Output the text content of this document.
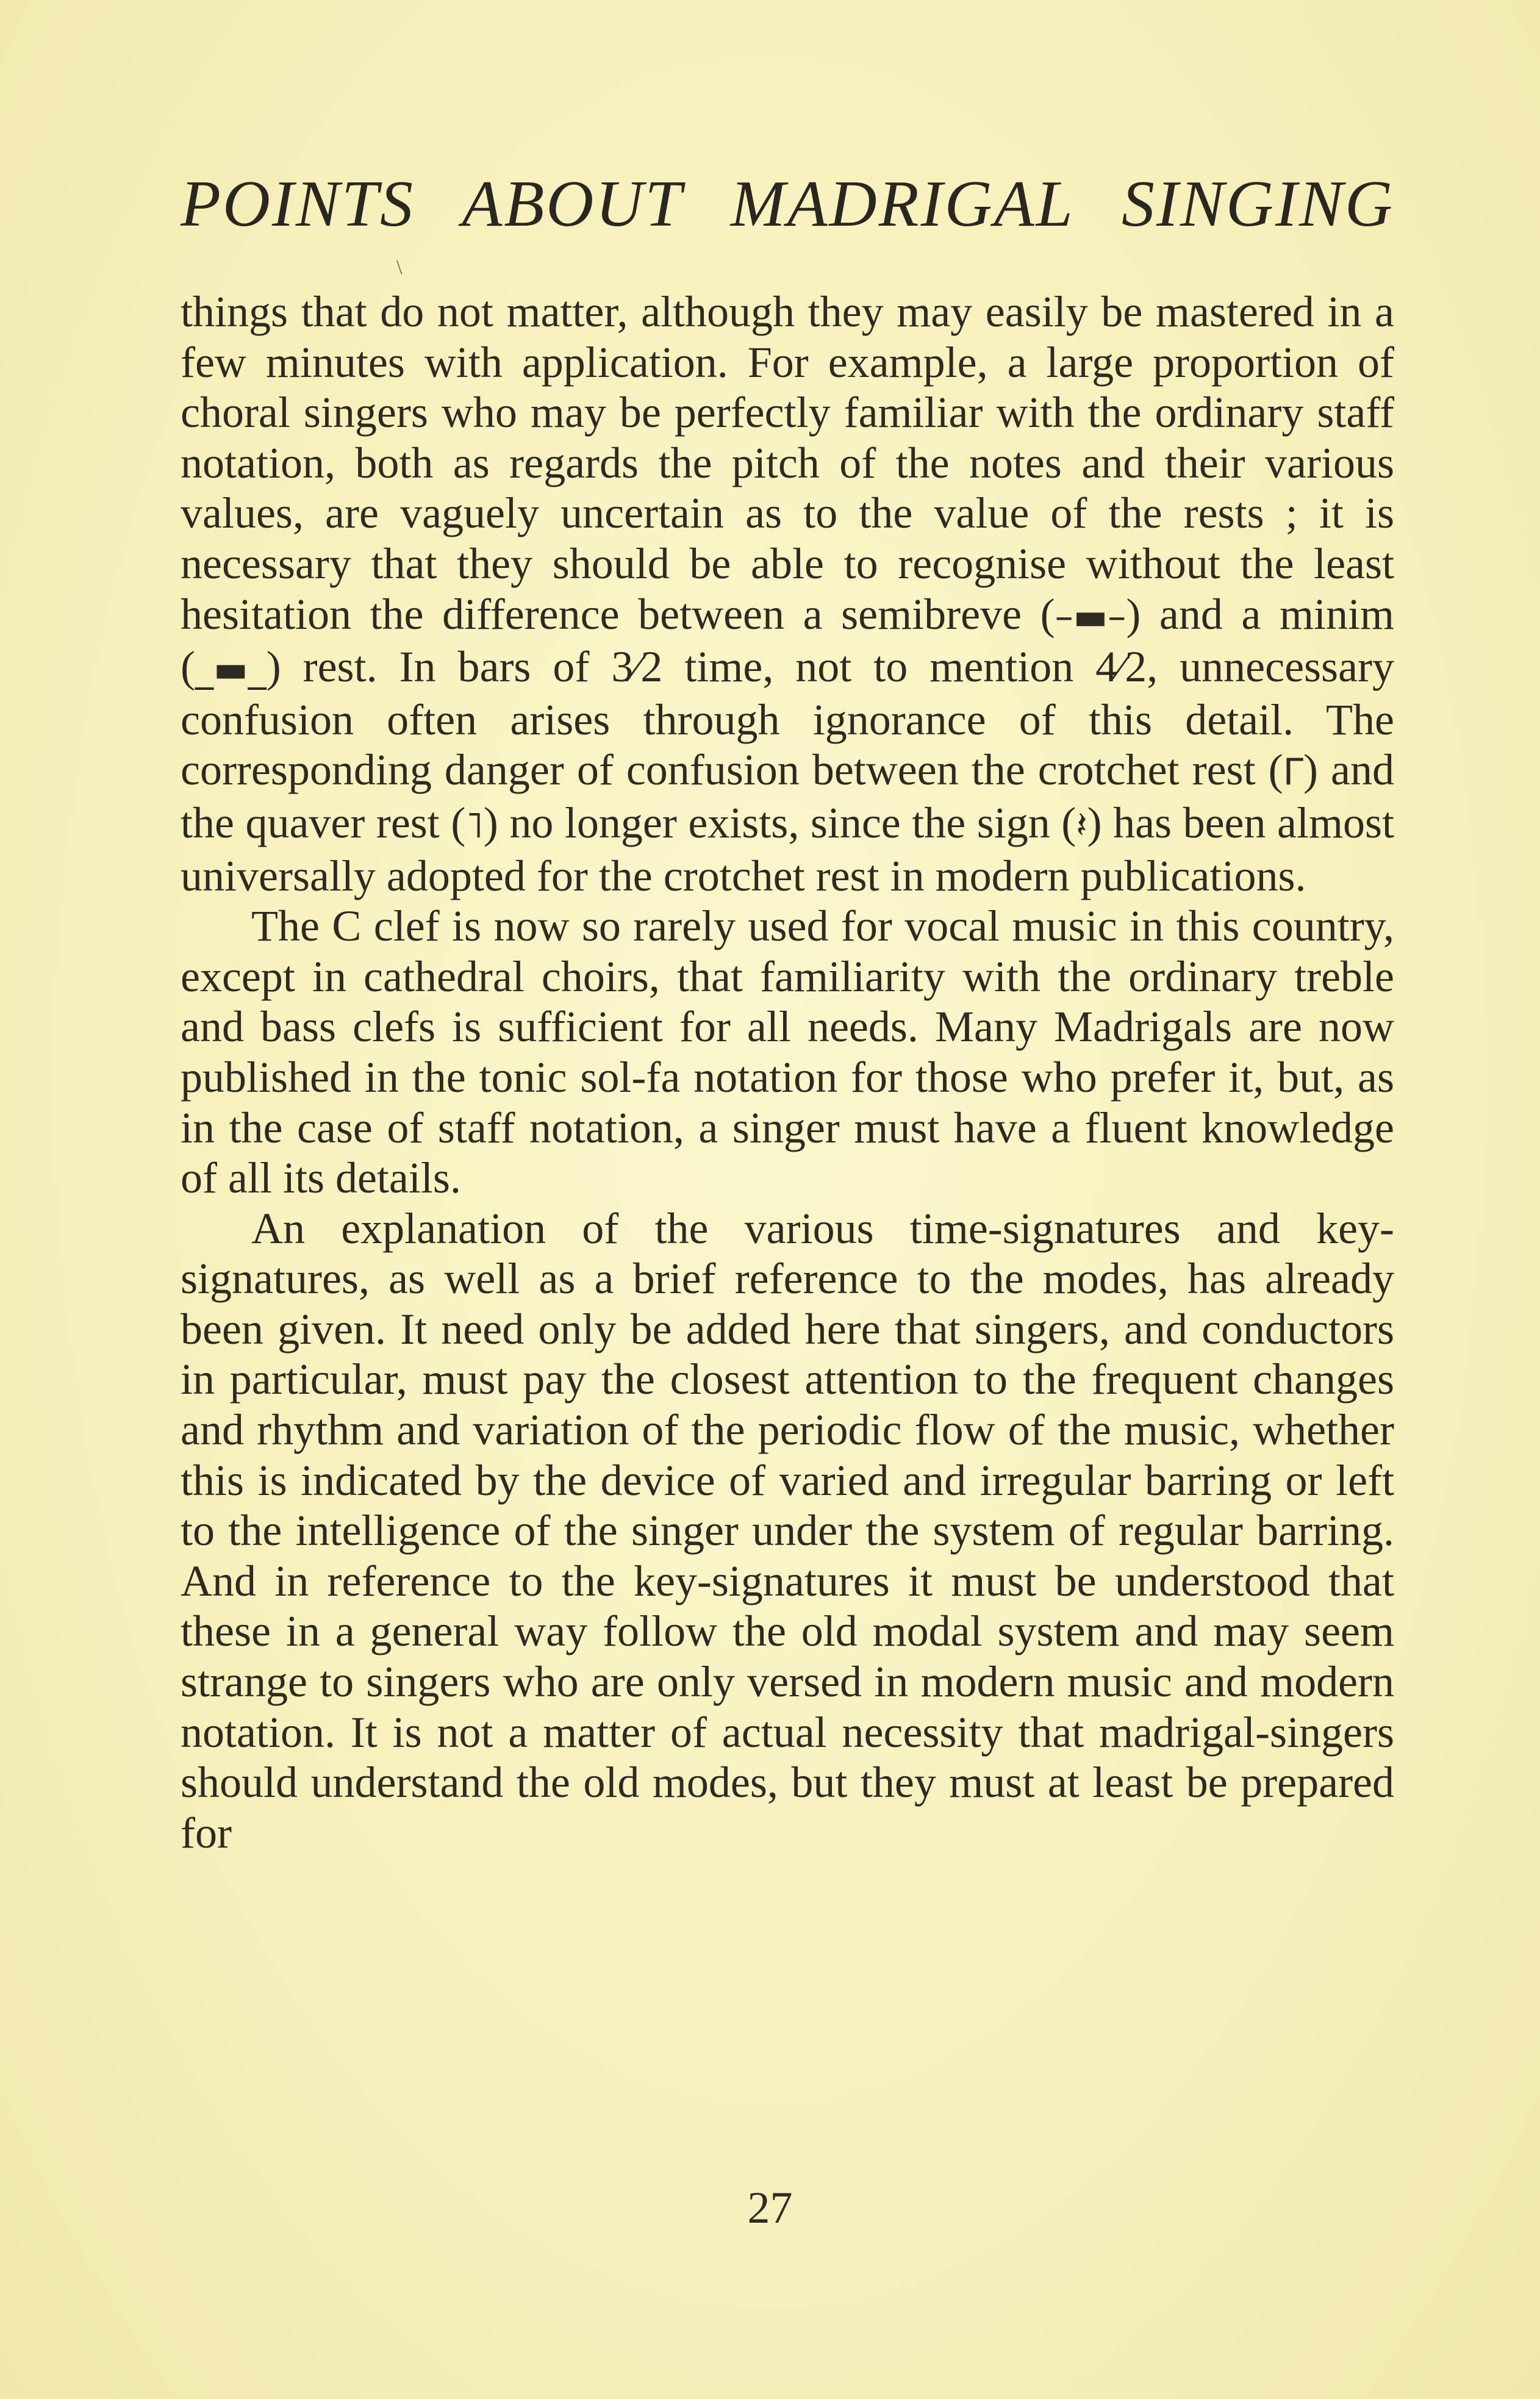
POINTS ABOUT MADRIGAL SINGING
\

things that do not matter, although they may easily be mastered in a few minutes with application. For example, a large proportion of choral singers who may be perfectly familiar with the ordinary staff notation, both as regards the pitch of the notes and their various values, are vaguely uncertain as to the value of the rests ; it is necessary that they should be able to recognise without the least hesitation the difference between a semibreve (–▬–) and a minim (_▬_) rest. In bars of 3⁄2 time, not to mention 4⁄2, unnecessary confusion often arises through ignorance of this detail. The corresponding danger of confusion between the crotchet rest (Γ) and the quaver rest (˥) no longer exists, since the sign (𝄽) has been almost universally adopted for the crotchet rest in modern publications.

The C clef is now so rarely used for vocal music in this country, except in cathedral choirs, that familiarity with the ordinary treble and bass clefs is sufficient for all needs. Many Madrigals are now published in the tonic sol-fa notation for those who prefer it, but, as in the case of staff notation, a singer must have a fluent knowledge of all its details.

An explanation of the various time-signatures and key-signatures, as well as a brief reference to the modes, has already been given. It need only be added here that singers, and conductors in particular, must pay the closest attention to the frequent changes and rhythm and variation of the periodic flow of the music, whether this is indicated by the device of varied and irregular barring or left to the intelligence of the singer under the system of regular barring. And in reference to the key-signatures it must be understood that these in a general way follow the old modal system and may seem strange to singers who are only versed in modern music and modern notation. It is not a matter of actual necessity that madrigal-singers should understand the old modes, but they must at least be prepared for

27
